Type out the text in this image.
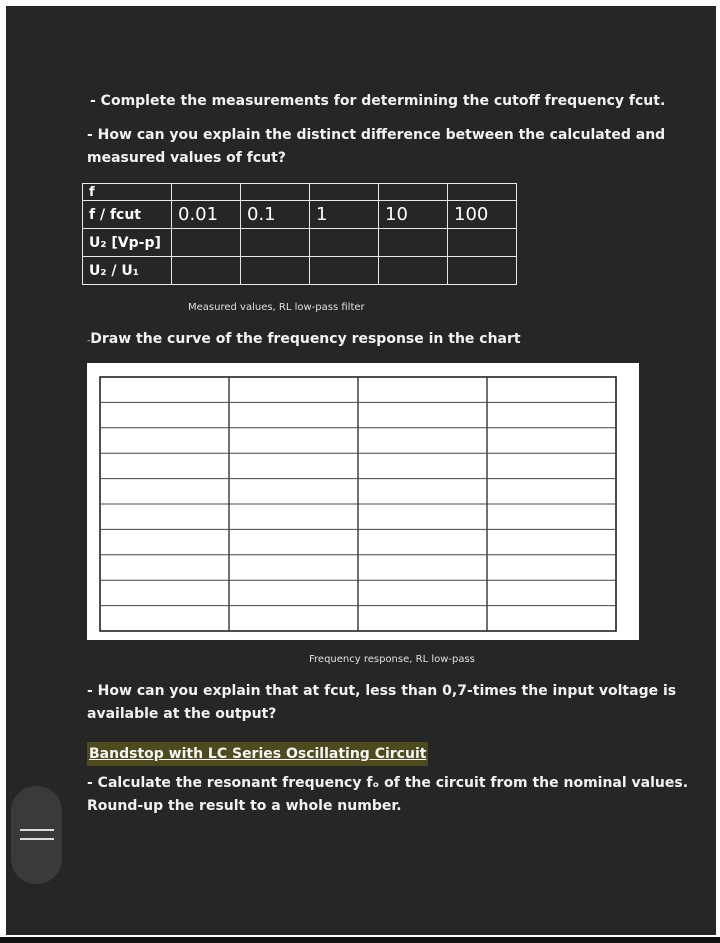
- Complete the measurements for determining the cutoff frequency fcut.

- How can you explain the distinct difference between the calculated and

measured values of fcut?

f					
f / fcut	0.01	0.1	1	10	100
U₂ [Vp-p]					
U₂ / U₁					

Measured values, RL low-pass filter

-Draw the curve of the frequency response in the chart

Frequency response, RL low-pass

- How can you explain that at fcut, less than 0,7-times the input voltage is

available at the output?

Bandstop with LC Series Oscillating Circuit

- Calculate the resonant frequency fₒ of the circuit from the nominal values.

Round-up the result to a whole number.
